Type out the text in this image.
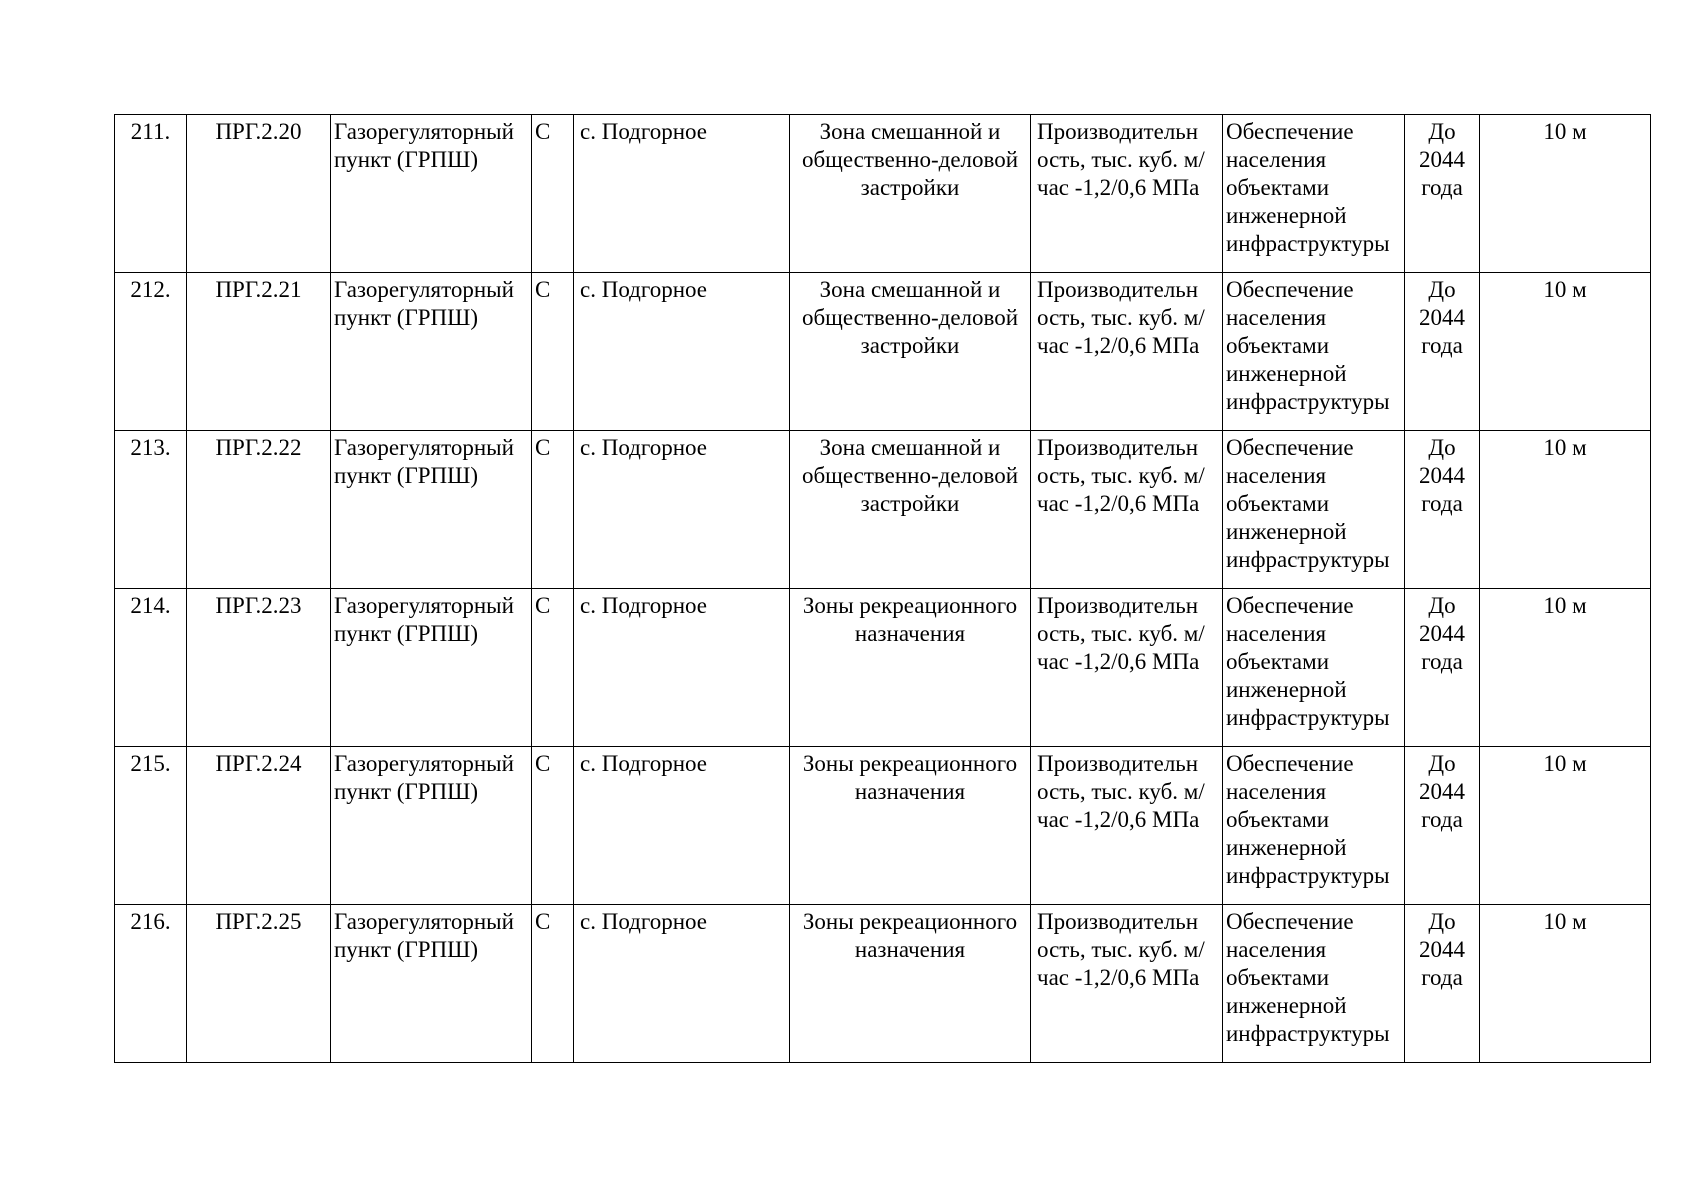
211.	ПРГ.2.20	Газорегуляторный пункт (ГРПШ)	С	с. Подгорное	Зона смешанной и общественно-деловой застройки	Производительн ость, тыс. куб. м/час -1,2/0,6 МПа	Обеспечение населения объектами инженерной инфраструктуры	До 2044 года	10 м
212.	ПРГ.2.21	Газорегуляторный пункт (ГРПШ)	С	с. Подгорное	Зона смешанной и общественно-деловой застройки	Производительн ость, тыс. куб. м/час -1,2/0,6 МПа	Обеспечение населения объектами инженерной инфраструктуры	До 2044 года	10 м
213.	ПРГ.2.22	Газорегуляторный пункт (ГРПШ)	С	с. Подгорное	Зона смешанной и общественно-деловой застройки	Производительн ость, тыс. куб. м/час -1,2/0,6 МПа	Обеспечение населения объектами инженерной инфраструктуры	До 2044 года	10 м
214.	ПРГ.2.23	Газорегуляторный пункт (ГРПШ)	С	с. Подгорное	Зоны рекреационного назначения	Производительн ость, тыс. куб. м/час -1,2/0,6 МПа	Обеспечение населения объектами инженерной инфраструктуры	До 2044 года	10 м
215.	ПРГ.2.24	Газорегуляторный пункт (ГРПШ)	С	с. Подгорное	Зоны рекреационного назначения	Производительн ость, тыс. куб. м/час -1,2/0,6 МПа	Обеспечение населения объектами инженерной инфраструктуры	До 2044 года	10 м
216.	ПРГ.2.25	Газорегуляторный пункт (ГРПШ)	С	с. Подгорное	Зоны рекреационного назначения	Производительн ость, тыс. куб. м/час -1,2/0,6 МПа	Обеспечение населения объектами инженерной инфраструктуры	До 2044 года	10 м
